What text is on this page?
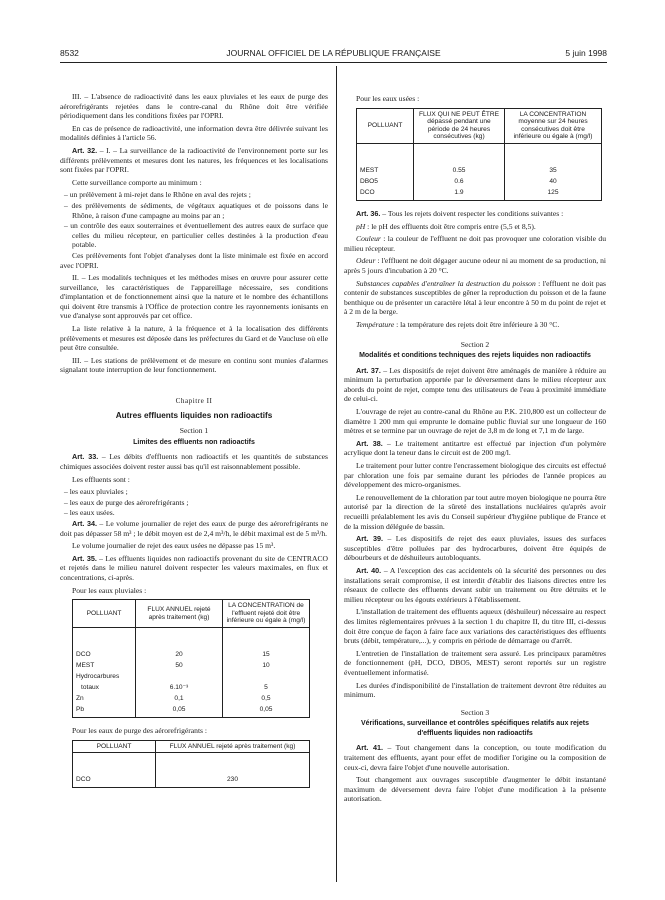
8532	JOURNAL OFFICIEL DE LA RÉPUBLIQUE FRANÇAISE	5 juin 1998

III. – L'absence de radioactivité dans les eaux pluviales et les eaux de purge des aérorefrigérants rejetées dans le contre-canal du Rhône doit être vérifiée périodiquement dans les conditions fixées par l'OPRI.

En cas de présence de radioactivité, une information devra être délivrée suivant les modalités définies à l'article 56.

Art. 32. – I. – La surveillance de la radioactivité de l'environnement porte sur les différents prélèvements et mesures dont les natures, les fréquences et les localisations sont fixées par l'OPRI.

Cette surveillance comporte au minimum :

– un prélèvement à mi-rejet dans le Rhône en aval des rejets ;

– des prélèvements de sédiments, de végétaux aquatiques et de poissons dans le Rhône, à raison d'une campagne au moins par an ;

– un contrôle des eaux souterraines et éventuellement des autres eaux de surface que celles du milieu récepteur, en particulier celles destinées à la production d'eau potable.

Ces prélèvements font l'objet d'analyses dont la liste minimale est fixée en accord avec l'OPRI.

II. – Les modalités techniques et les méthodes mises en œuvre pour assurer cette surveillance, les caractéristiques de l'appareillage nécessaire, ses conditions d'implantation et de fonctionnement ainsi que la nature et le nombre des échantillons qui doivent être transmis à l'Office de protection contre les rayonnements ionisants en vue d'analyse sont approuvés par cet office.

La liste relative à la nature, à la fréquence et à la localisation des différents prélèvements et mesures est déposée dans les préfectures du Gard et de Vaucluse où elle peut être consultée.

III. – Les stations de prélèvement et de mesure en continu sont munies d'alarmes signalant toute interruption de leur fonctionnement.

Chapitre II

Autres effluents liquides non radioactifs

Section 1

Limites des effluents non radioactifs

Art. 33. – Les débits d'effluents non radioactifs et les quantités de substances chimiques associées doivent rester aussi bas qu'il est raisonnablement possible.

Les effluents sont :

– les eaux pluviales ;

– les eaux de purge des aérorefrigérants ;

– les eaux usées.

Art. 34. – Le volume journalier de rejet des eaux de purge des aérorefrigérants ne doit pas dépasser 58 m³ ; le débit moyen est de 2,4 m³/h, le débit maximal est de 5 m³/h.

Le volume journalier de rejet des eaux usées ne dépasse pas 15 m³.

Art. 35. – Les effluents liquides non radioactifs provenant du site de CENTRACO et rejetés dans le milieu naturel doivent respecter les valeurs maximales, en flux et concentrations, ci-après.

Pour les eaux pluviales :

POLLUANT	FLUX ANNUEL rejeté après traitement (kg)	LA CONCENTRATION de l'effluent rejeté doit être inférieure ou égale à (mg/l)
DCO	20	15
MEST	50	10
Hydrocarbures		
totaux	6.10⁻³	5
Zn	0,1	0,5
Pb	0,05	0,05

Pour les eaux de purge des aérorefrigérants :

POLLUANT	FLUX ANNUEL rejeté après traitement (kg)
DCO	230

Pour les eaux usées :

POLLUANT	FLUX QUI NE PEUT ÊTRE dépassé pendant une période de 24 heures consécutives (kg)	LA CONCENTRATION moyenne sur 24 heures consécutives doit être inférieure ou égale à (mg/l)
MEST	0.55	35
DBO5	0.6	40
DCO	1.9	125

Art. 36. – Tous les rejets doivent respecter les conditions suivantes :

pH : le pH des effluents doit être compris entre (5,5 et 8,5).

Couleur : la couleur de l'effluent ne doit pas provoquer une coloration visible du milieu récepteur.

Odeur : l'effluent ne doit dégager aucune odeur ni au moment de sa production, ni après 5 jours d'incubation à 20 °C.

Substances capables d'entraîner la destruction du poisson : l'effluent ne doit pas contenir de substances susceptibles de gêner la reproduction du poisson et de la faune benthique ou de présenter un caractère létal à leur encontre à 50 m du point de rejet et à 2 m de la berge.

Température : la température des rejets doit être inférieure à 30 °C.

Section 2

Modalités et conditions techniques des rejets liquides non radioactifs

Art. 37. – Les dispositifs de rejet doivent être aménagés de manière à réduire au minimum la perturbation apportée par le déversement dans le milieu récepteur aux abords du point de rejet, compte tenu des utilisateurs de l'eau à proximité immédiate de celui-ci.

L'ouvrage de rejet au contre-canal du Rhône au P.K. 210,800 est un collecteur de diamètre 1 200 mm qui emprunte le domaine public fluvial sur une longueur de 160 mètres et se termine par un ouvrage de rejet de 3,8 m de long et 7,1 m de large.

Art. 38. – Le traitement antitartre est effectué par injection d'un polymère acrylique dont la teneur dans le circuit est de 200 mg/l.

Le traitement pour lutter contre l'encrassement biologique des circuits est effectué par chloration une fois par semaine durant les périodes de l'année propices au développement des micro-organismes.

Le renouvellement de la chloration par tout autre moyen biologique ne pourra être autorisé par la direction de la sûreté des installations nucléaires qu'après avoir recueilli préalablement les avis du Conseil supérieur d'hygiène publique de France et de la mission déléguée de bassin.

Art. 39. – Les dispositifs de rejet des eaux pluviales, issues des surfaces susceptibles d'être polluées par des hydrocarbures, doivent être équipés de débourbeurs et de déshuileurs autobloquants.

Art. 40. – A l'exception des cas accidentels où la sécurité des personnes ou des installations serait compromise, il est interdit d'établir des liaisons directes entre les réseaux de collecte des effluents devant subir un traitement ou être détruits et le milieu récepteur ou les égouts extérieurs à l'établissement.

L'installation de traitement des effluents aqueux (déshuileur) nécessaire au respect des limites réglementaires prévues à la section 1 du chapitre II, du titre III, ci-dessus doit être conçue de façon à faire face aux variations des caractéristiques des effluents bruts (débit, température,...), y compris en période de démarrage ou d'arrêt.

L'entretien de l'installation de traitement sera assuré. Les principaux paramètres de fonctionnement (pH, DCO, DBO5, MEST) seront reportés sur un registre éventuellement informatisé.

Les durées d'indisponibilité de l'installation de traitement devront être réduites au minimum.

Section 3

Vérifications, surveillance et contrôles spécifiques relatifs aux rejets d'effluents liquides non radioactifs

Art. 41. – Tout changement dans la conception, ou toute modification du traitement des effluents, ayant pour effet de modifier l'origine ou la composition de ceux-ci, devra faire l'objet d'une nouvelle autorisation.

Tout changement aux ouvrages susceptible d'augmenter le débit instantané maximum de déversement devra faire l'objet d'une modification à la présente autorisation.
